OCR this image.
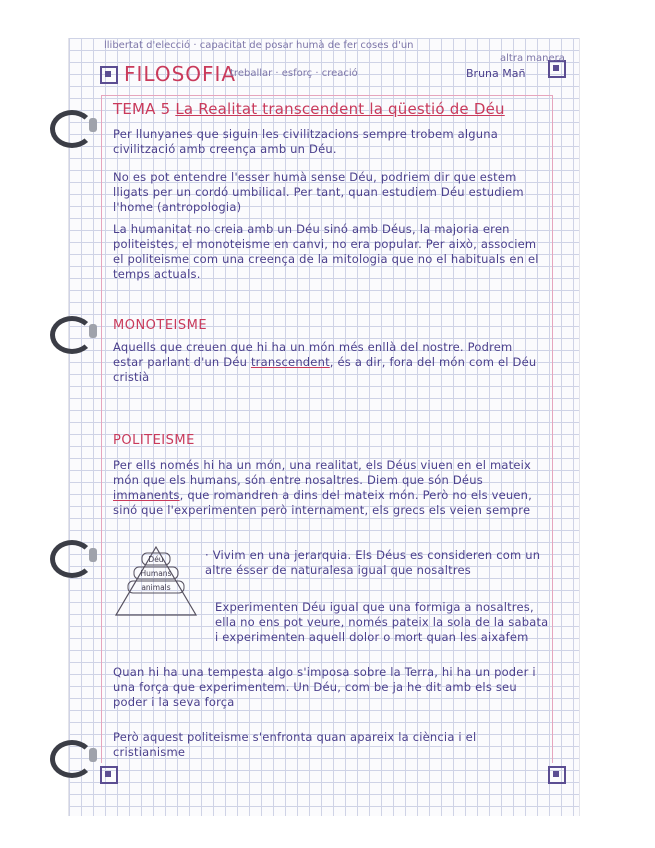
llibertat d'elecció · capacitat de posar humà de fer coses d'un
altra manera
FILOSOFIA
treballar · esforç · creació	Bruna Mañ
TEMA 5 La Realitat transcendent la qüestió de Déu
Per llunyanes que siguin les civilitzacions sempre trobem alguna civilització amb creença amb un Déu.
No es pot entendre l'esser humà sense Déu, podriem dir que estem lligats per un cordó umbilical. Per tant, quan estudiem Déu estudiem l'home (antropologia)
La humanitat no creia amb un Déu sinó amb Déus, la majoria eren politeistes, el monoteisme en canvi, no era popular. Per això, associem el politeisme com una creença de la mitologia que no el habituals en el temps actuals.
MONOTEISME
Aquells que creuen que hi ha un món més enllà del nostre. Podrem estar parlant d'un Déu transcendent, és a dir, fora del món com el Déu cristià
POLITEISME
Per ells només hi ha un món, una realitat, els Déus viuen en el mateix món que els humans, són entre nosaltres. Diem que són Déus immanents, que romandren a dins del mateix món. Però no els veuen, sinó que l'experimenten però internament, els grecs els veien sempre
Déu
Humans
animals
· Vivim en una jerarquia. Els Déus es consideren com un altre ésser de naturalesa igual que nosaltres
Experimenten Déu igual que una formiga a nosaltres, ella no ens pot veure, només pateix la sola de la sabata i experimenten aquell dolor o mort quan les aixafem
Quan hi ha una tempesta algo s'imposa sobre la Terra, hi ha un poder i una força que experimentem. Un Déu, com be ja he dit amb els seu poder i la seva força
Però aquest politeisme s'enfronta quan apareix la ciència i el cristianisme
